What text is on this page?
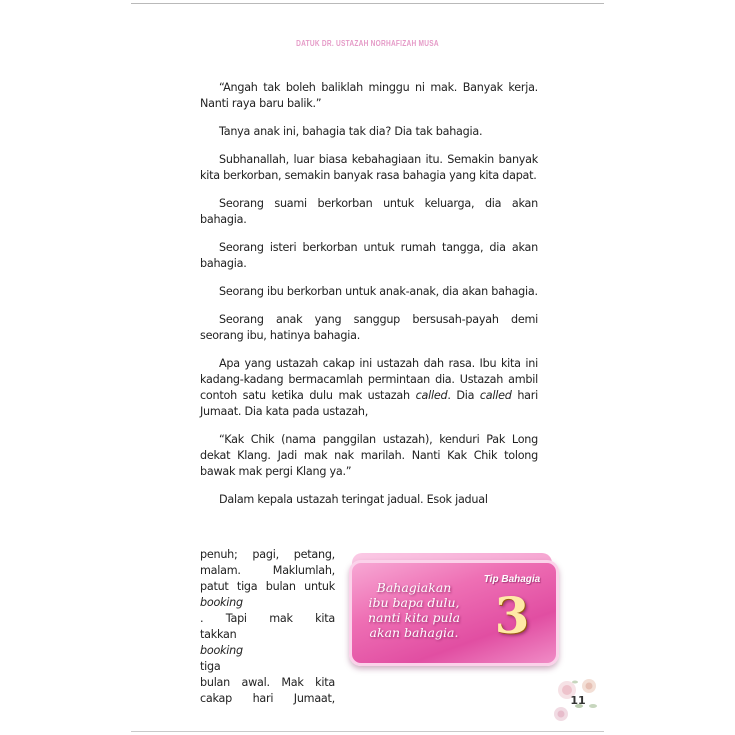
DATUK DR. USTAZAH NORHAFIZAH MUSA

“Angah tak boleh baliklah minggu ni mak. Banyak kerja. Nanti raya baru balik.”

Tanya anak ini, bahagia tak dia? Dia tak bahagia.

Subhanallah, luar biasa kebahagiaan itu. Semakin banyak kita berkorban, semakin banyak rasa bahagia yang kita dapat.

Seorang suami berkorban untuk keluarga, dia akan bahagia.

Seorang isteri berkorban untuk rumah tangga, dia akan bahagia.

Seorang ibu berkorban untuk anak-anak, dia akan bahagia.

Seorang anak yang sanggup bersusah-payah demi seorang ibu, hatinya bahagia.

Apa yang ustazah cakap ini ustazah dah rasa. Ibu kita ini kadang-kadang bermacamlah permintaan dia. Ustazah ambil contoh satu ketika dulu mak ustazah called. Dia called hari Jumaat. Dia kata pada ustazah,

“Kak Chik (nama panggilan ustazah), kenduri Pak Long dekat Klang. Jadi mak nak marilah. Nanti Kak Chik tolong bawak mak pergi Klang ya.”

Dalam kepala ustazah teringat jadual. Esok jadual

penuh; pagi, petang,
malam. Maklumlah,
patut tiga bulan untuk
booking
. Tapi mak kita
takkan
booking
tiga
bulan awal. Mak kita
cakap hari Jumaat,
Bahagiakan
ibu bapa dulu,
nanti kita pula
akan bahagia.
Tip Bahagia
3
11
